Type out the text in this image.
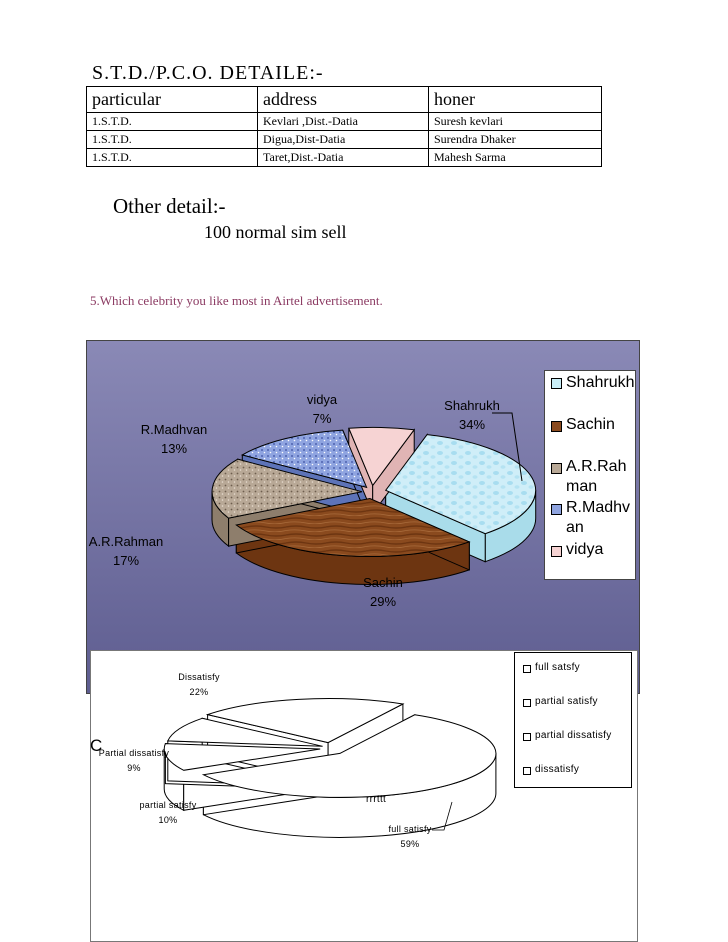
S.T.D./P.C.O. DETAILE:-
particular	address	honer
1.S.T.D.	Kevlari ,Dist.-Datia	Suresh kevlari
1.S.T.D.	Digua,Dist-Datia	Surendra Dhaker
1.S.T.D.	Taret,Dist.-Datia	Mahesh Sarma
Other detail:-
100 normal sim sell
5.Which celebrity you like most in Airtel advertisement.
Shahrukh
34%
Sachin
29%
A.R.Rahman
17%
R.Madhvan
13%
vidya
7%
Shahrukh
Sachin
A.R.Rah man
R.Madhv an
vidya
C
full satisfy
59%
partial satisfy
10%
Partial dissatisfy
9%
Dissatisfy
22%
rrrttt
full satsfy
partial satisfy
partial dissatisfy
dissatisfy
